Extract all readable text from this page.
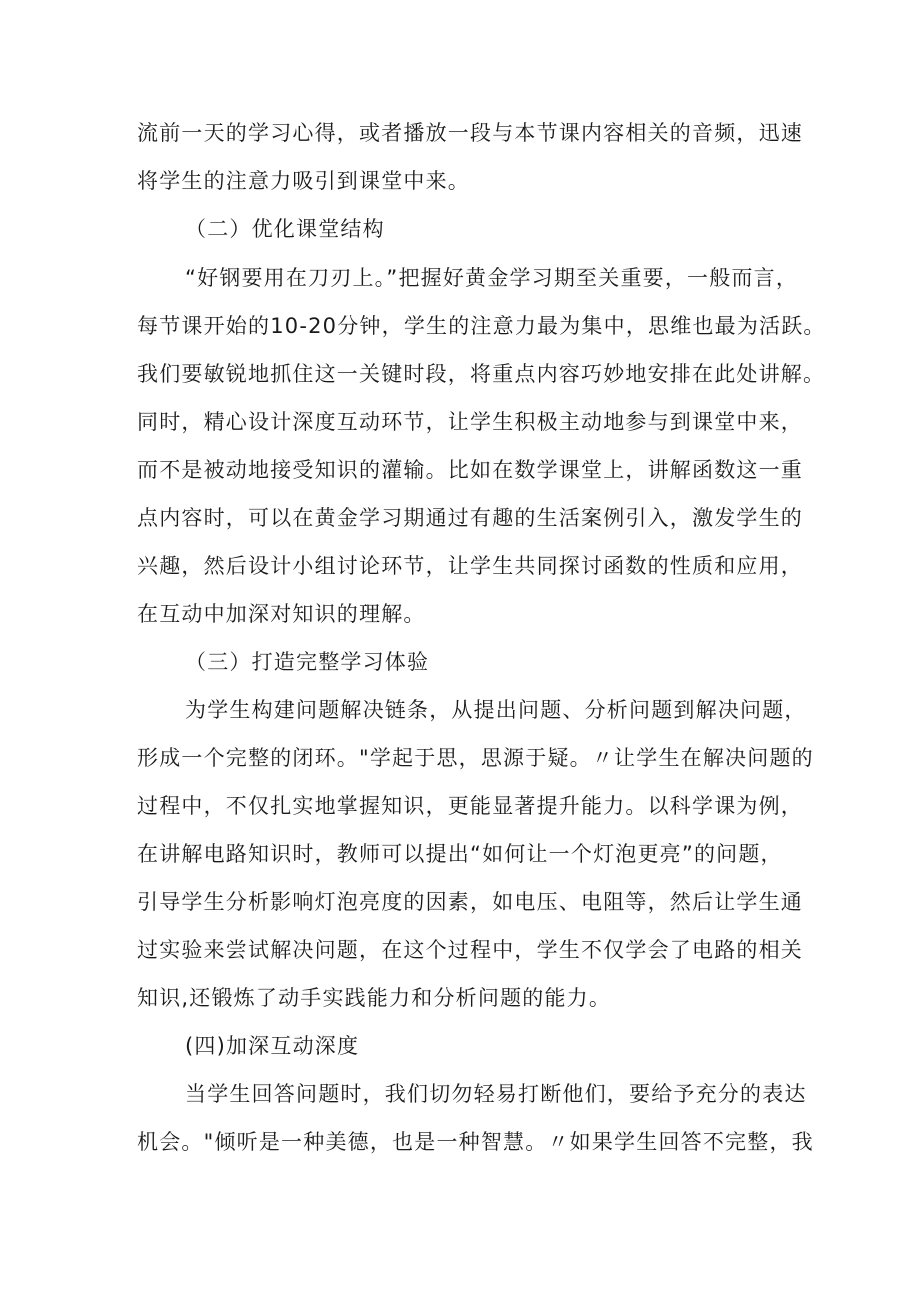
流前一天的学习心得，或者播放一段与本节课内容相关的音频，迅速
将学生的注意力吸引到课堂中来。
（二）优化课堂结构
“好钢要用在刀刃上。”把握好黄金学习期至关重要，一般而言，
每节课开始的10-20分钟，学生的注意力最为集中，思维也最为活跃。
我们要敏锐地抓住这一关键时段，将重点内容巧妙地安排在此处讲解。
同时，精心设计深度互动环节，让学生积极主动地参与到课堂中来，
而不是被动地接受知识的灌输。比如在数学课堂上，讲解函数这一重
点内容时，可以在黄金学习期通过有趣的生活案例引入，激发学生的
兴趣，然后设计小组讨论环节，让学生共同探讨函数的性质和应用，
在互动中加深对知识的理解。
（三）打造完整学习体验
为学生构建问题解决链条，从提出问题、分析问题到解决问题，
形成一个完整的闭环。"学起于思，思源于疑。〃让学生在解决问题的
过程中，不仅扎实地掌握知识，更能显著提升能力。以科学课为例，
在讲解电路知识时，教师可以提出“如何让一个灯泡更亮”的问题，
引导学生分析影响灯泡亮度的因素，如电压、电阻等，然后让学生通
过实验来尝试解决问题，在这个过程中，学生不仅学会了电路的相关
知识,还锻炼了动手实践能力和分析问题的能力。
(四)加深互动深度
当学生回答问题时，我们切勿轻易打断他们，要给予充分的表达
机会。"倾听是一种美德，也是一种智慧。〃如果学生回答不完整，我
